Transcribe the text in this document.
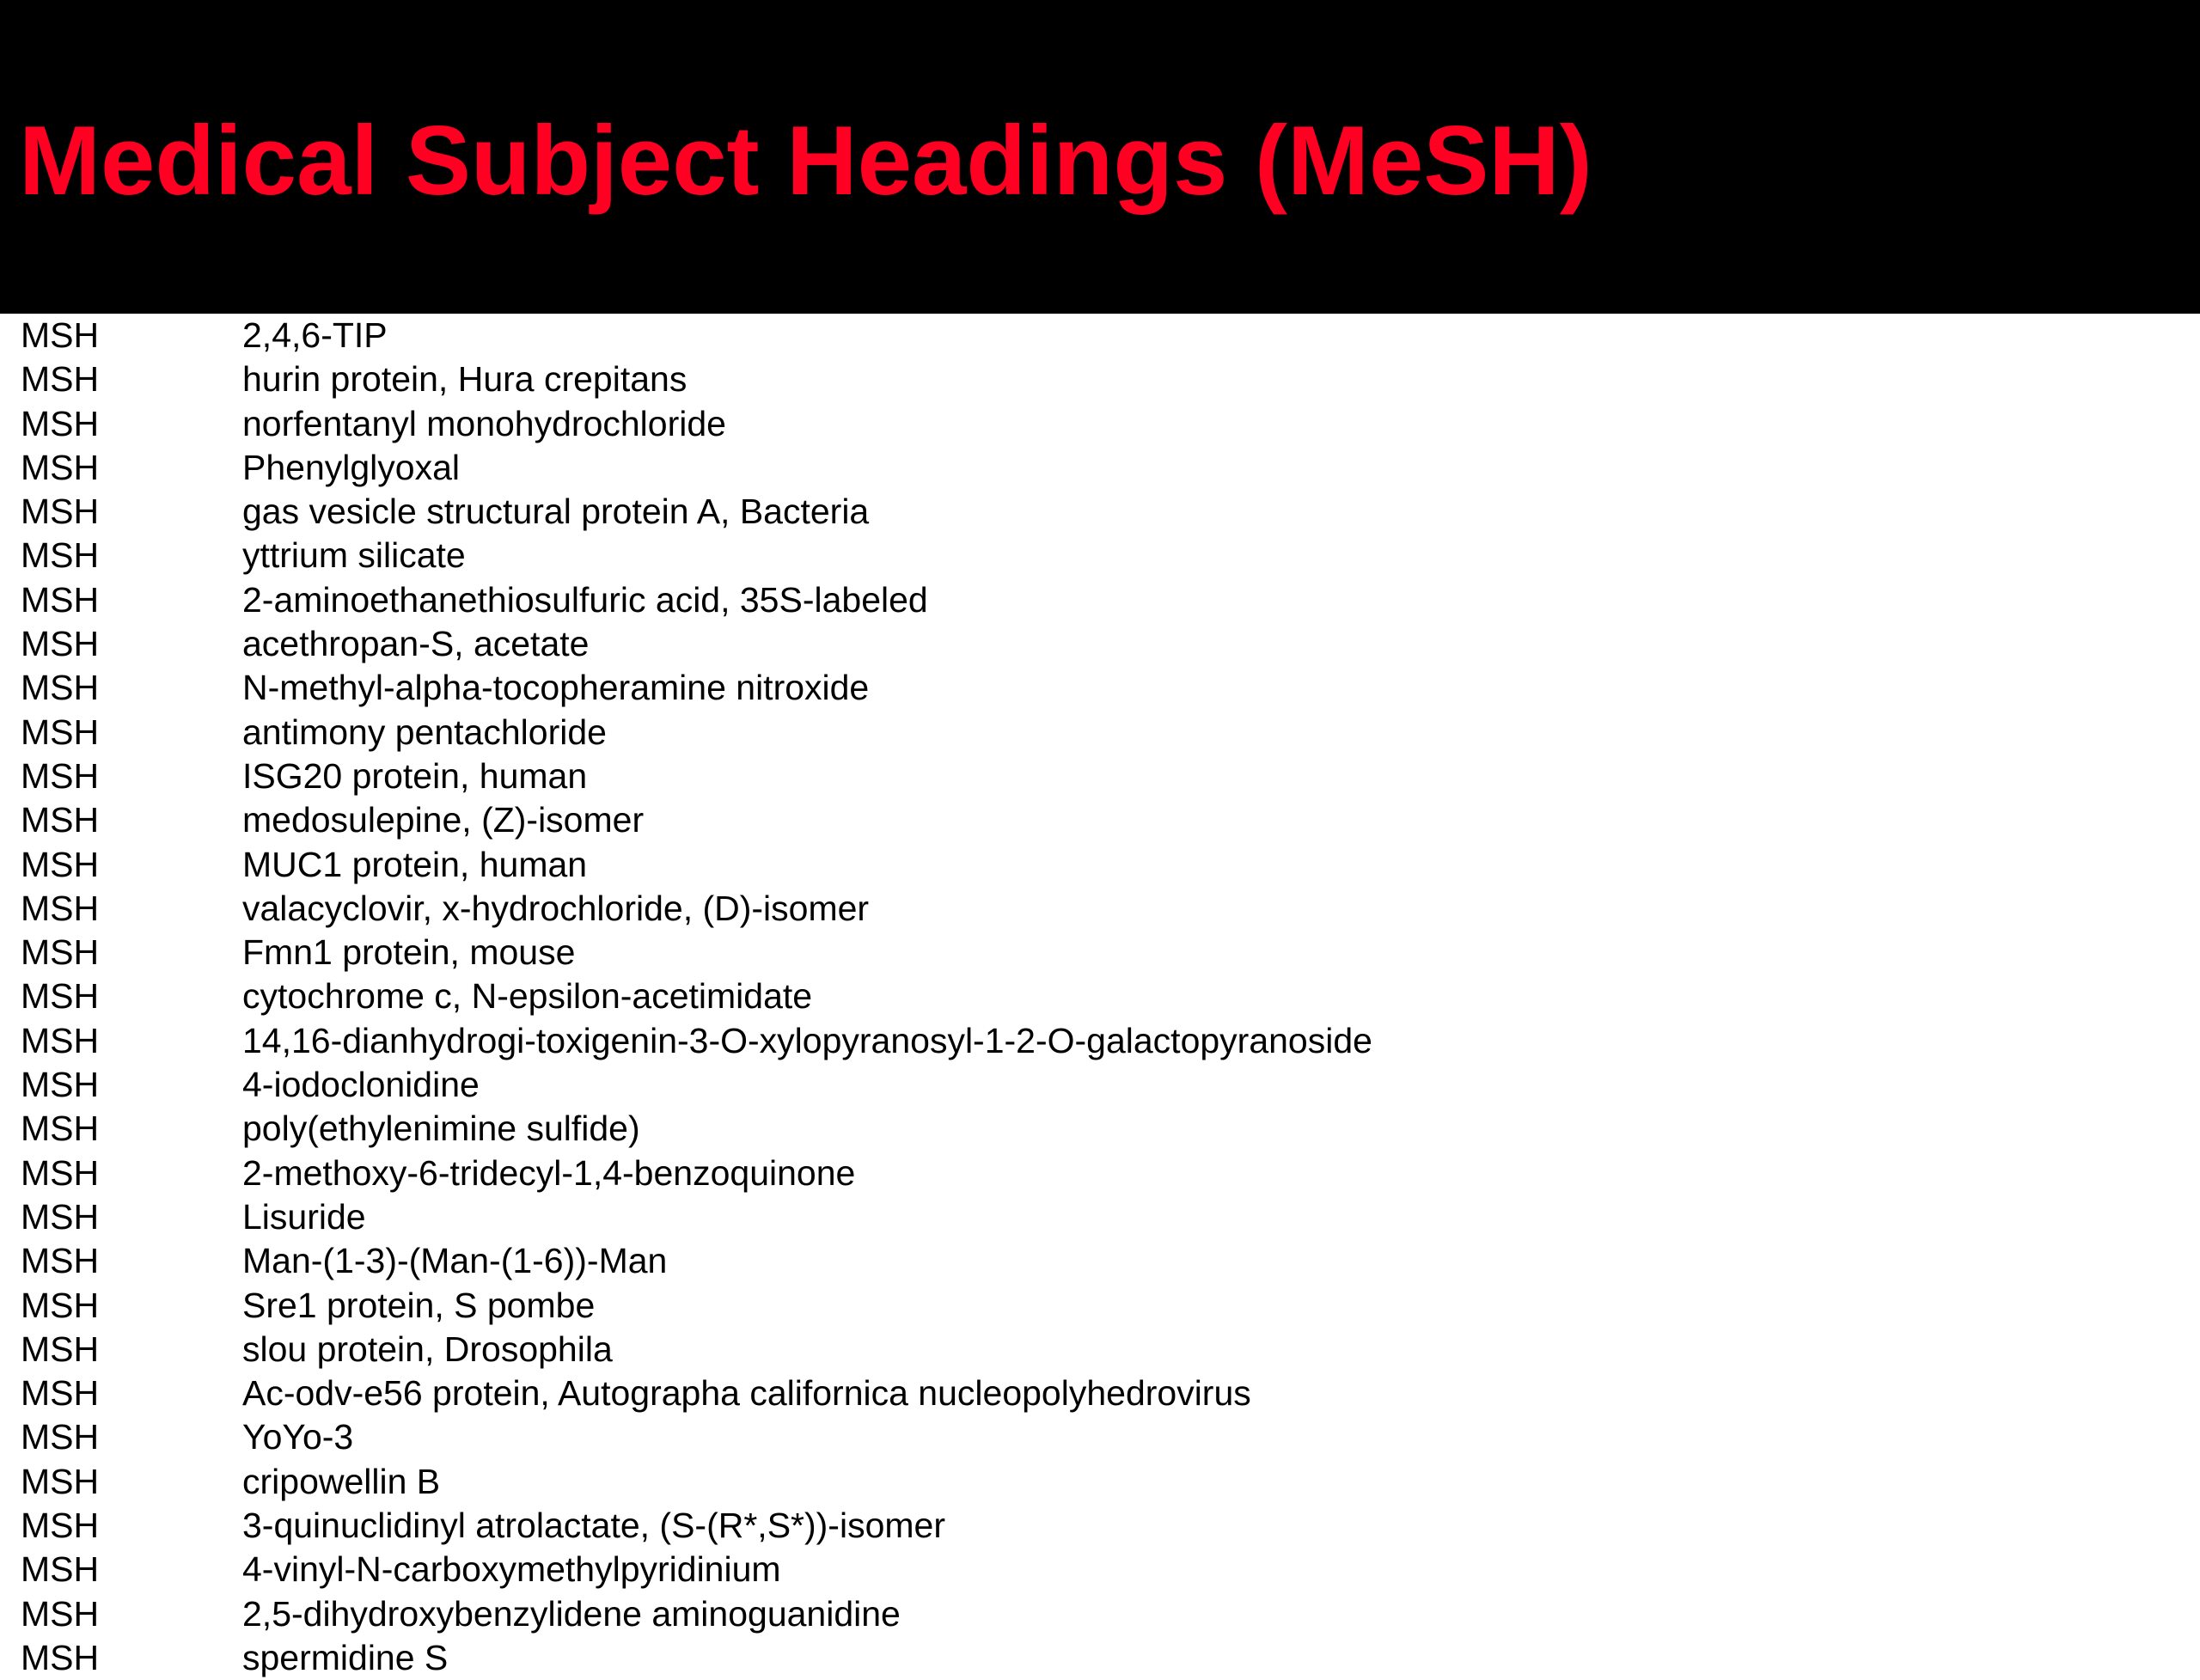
Medical Subject Headings (MeSH)
MSH	2,4,6-TIP
MSH	hurin protein, Hura crepitans
MSH	norfentanyl monohydrochloride
MSH	Phenylglyoxal
MSH	gas vesicle structural protein A, Bacteria
MSH	yttrium silicate
MSH	2-aminoethanethiosulfuric acid, 35S-labeled
MSH	acethropan-S, acetate
MSH	N-methyl-alpha-tocopheramine nitroxide
MSH	antimony pentachloride
MSH	ISG20 protein, human
MSH	medosulepine, (Z)-isomer
MSH	MUC1 protein, human
MSH	valacyclovir, x-hydrochloride, (D)-isomer
MSH	Fmn1 protein, mouse
MSH	cytochrome c, N-epsilon-acetimidate
MSH	14,16-dianhydrogi-toxigenin-3-O-xylopyranosyl-1-2-O-galactopyranoside
MSH	4-iodoclonidine
MSH	poly(ethylenimine sulfide)
MSH	2-methoxy-6-tridecyl-1,4-benzoquinone
MSH	Lisuride
MSH	Man-(1-3)-(Man-(1-6))-Man
MSH	Sre1 protein, S pombe
MSH	slou protein, Drosophila
MSH	Ac-odv-e56 protein, Autographa californica nucleopolyhedrovirus
MSH	YoYo-3
MSH	cripowellin B
MSH	3-quinuclidinyl atrolactate, (S-(R*,S*))-isomer
MSH	4-vinyl-N-carboxymethylpyridinium
MSH	2,5-dihydroxybenzylidene aminoguanidine
MSH	spermidine S
